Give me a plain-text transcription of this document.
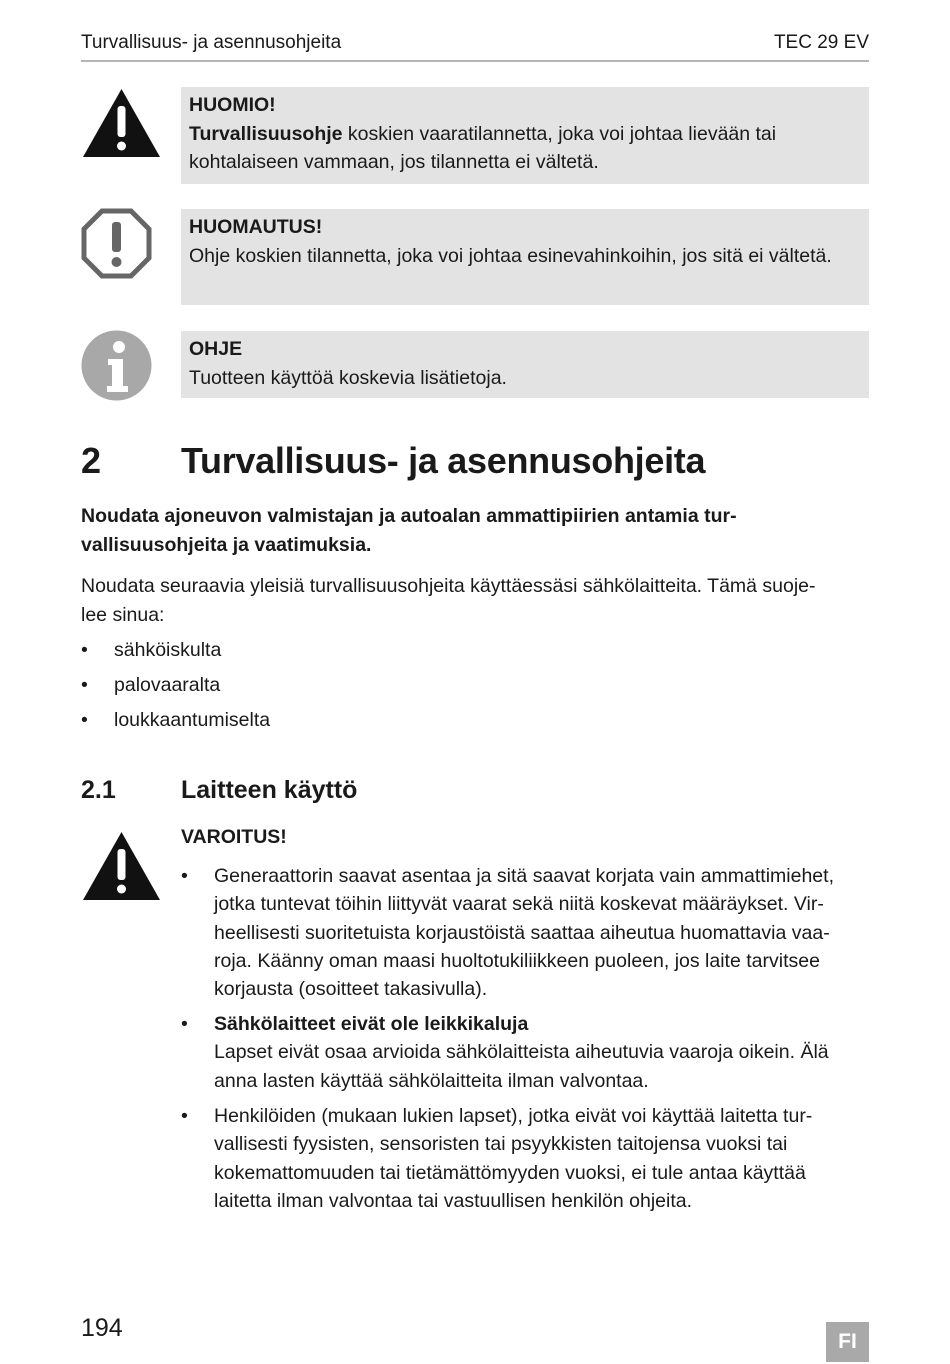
Turvallisuus- ja asennusohjeita	TEC 29 EV
HUOMIO!
Turvallisuusohje koskien vaaratilannetta, joka voi johtaa lievään tai kohtalaiseen vammaan, jos tilannetta ei vältetä.
HUOMAUTUS!
Ohje koskien tilannetta, joka voi johtaa esinevahinkoihin, jos sitä ei vältetä.
OHJE
Tuotteen käyttöä koskevia lisätietoja.
2 Turvallisuus- ja asennusohjeita
Noudata ajoneuvon valmistajan ja autoalan ammattipiirien antamia tur-
vallisuusohjeita ja vaatimuksia.
Noudata seuraavia yleisiä turvallisuusohjeita käyttäessäsi sähkölaitteita. Tämä suoje-
lee sinua:
• sähköiskulta
• palovaaralta
• loukkaantumiselta
2.1	Laitteen käyttö
VAROITUS!
• Generaattorin saavat asentaa ja sitä saavat korjata vain ammattimiehet,
jotka tuntevat töihin liittyvät vaarat sekä niitä koskevat määräykset. Vir-
heellisesti suoritetuista korjaustöistä saattaa aiheutua huomattavia vaa-
roja. Käänny oman maasi huoltotukiliikkeen puoleen, jos laite tarvitsee
korjausta (osoitteet takasivulla).
• Sähkölaitteet eivät ole leikkikaluja
Lapset eivät osaa arvioida sähkölaitteista aiheutuvia vaaroja oikein. Älä
anna lasten käyttää sähkölaitteita ilman valvontaa.
• Henkilöiden (mukaan lukien lapset), jotka eivät voi käyttää laitetta tur-
vallisesti fyysisten, sensoristen tai psyykkisten taitojensa vuoksi tai
kokemattomuuden tai tietämättömyyden vuoksi, ei tule antaa käyttää
laitetta ilman valvontaa tai vastuullisen henkilön ohjeita.
194	FI
